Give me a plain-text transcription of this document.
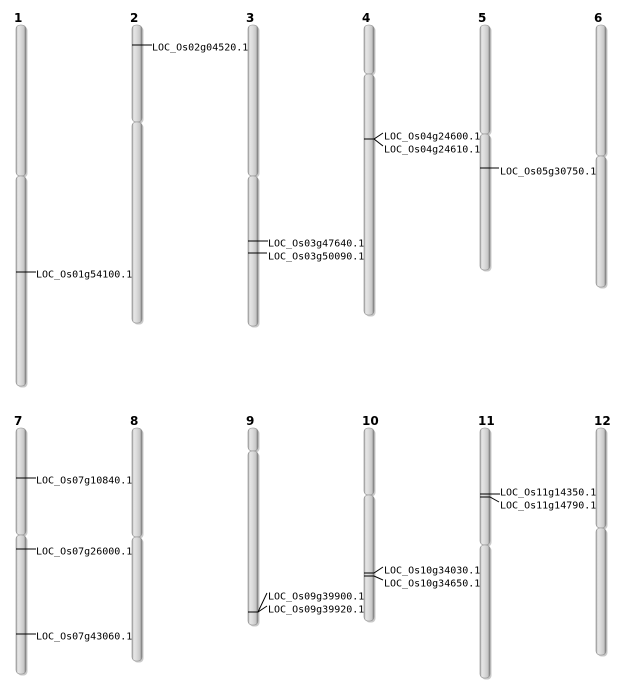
1
LOC_Os01g54100.1
2
LOC_Os02g04520.1
3
LOC_Os03g47640.1
LOC_Os03g50090.1
4
LOC_Os04g24600.1
LOC_Os04g24610.1
5
LOC_Os05g30750.1
6
7
LOC_Os07g10840.1
LOC_Os07g26000.1
LOC_Os07g43060.1
8	9
LOC_Os09g39900.1
LOC_Os09g39920.1
10
LOC_Os10g34030.1
LOC_Os10g34650.1
11
LOC_Os11g14350.1
LOC_Os11g14790.1
12
